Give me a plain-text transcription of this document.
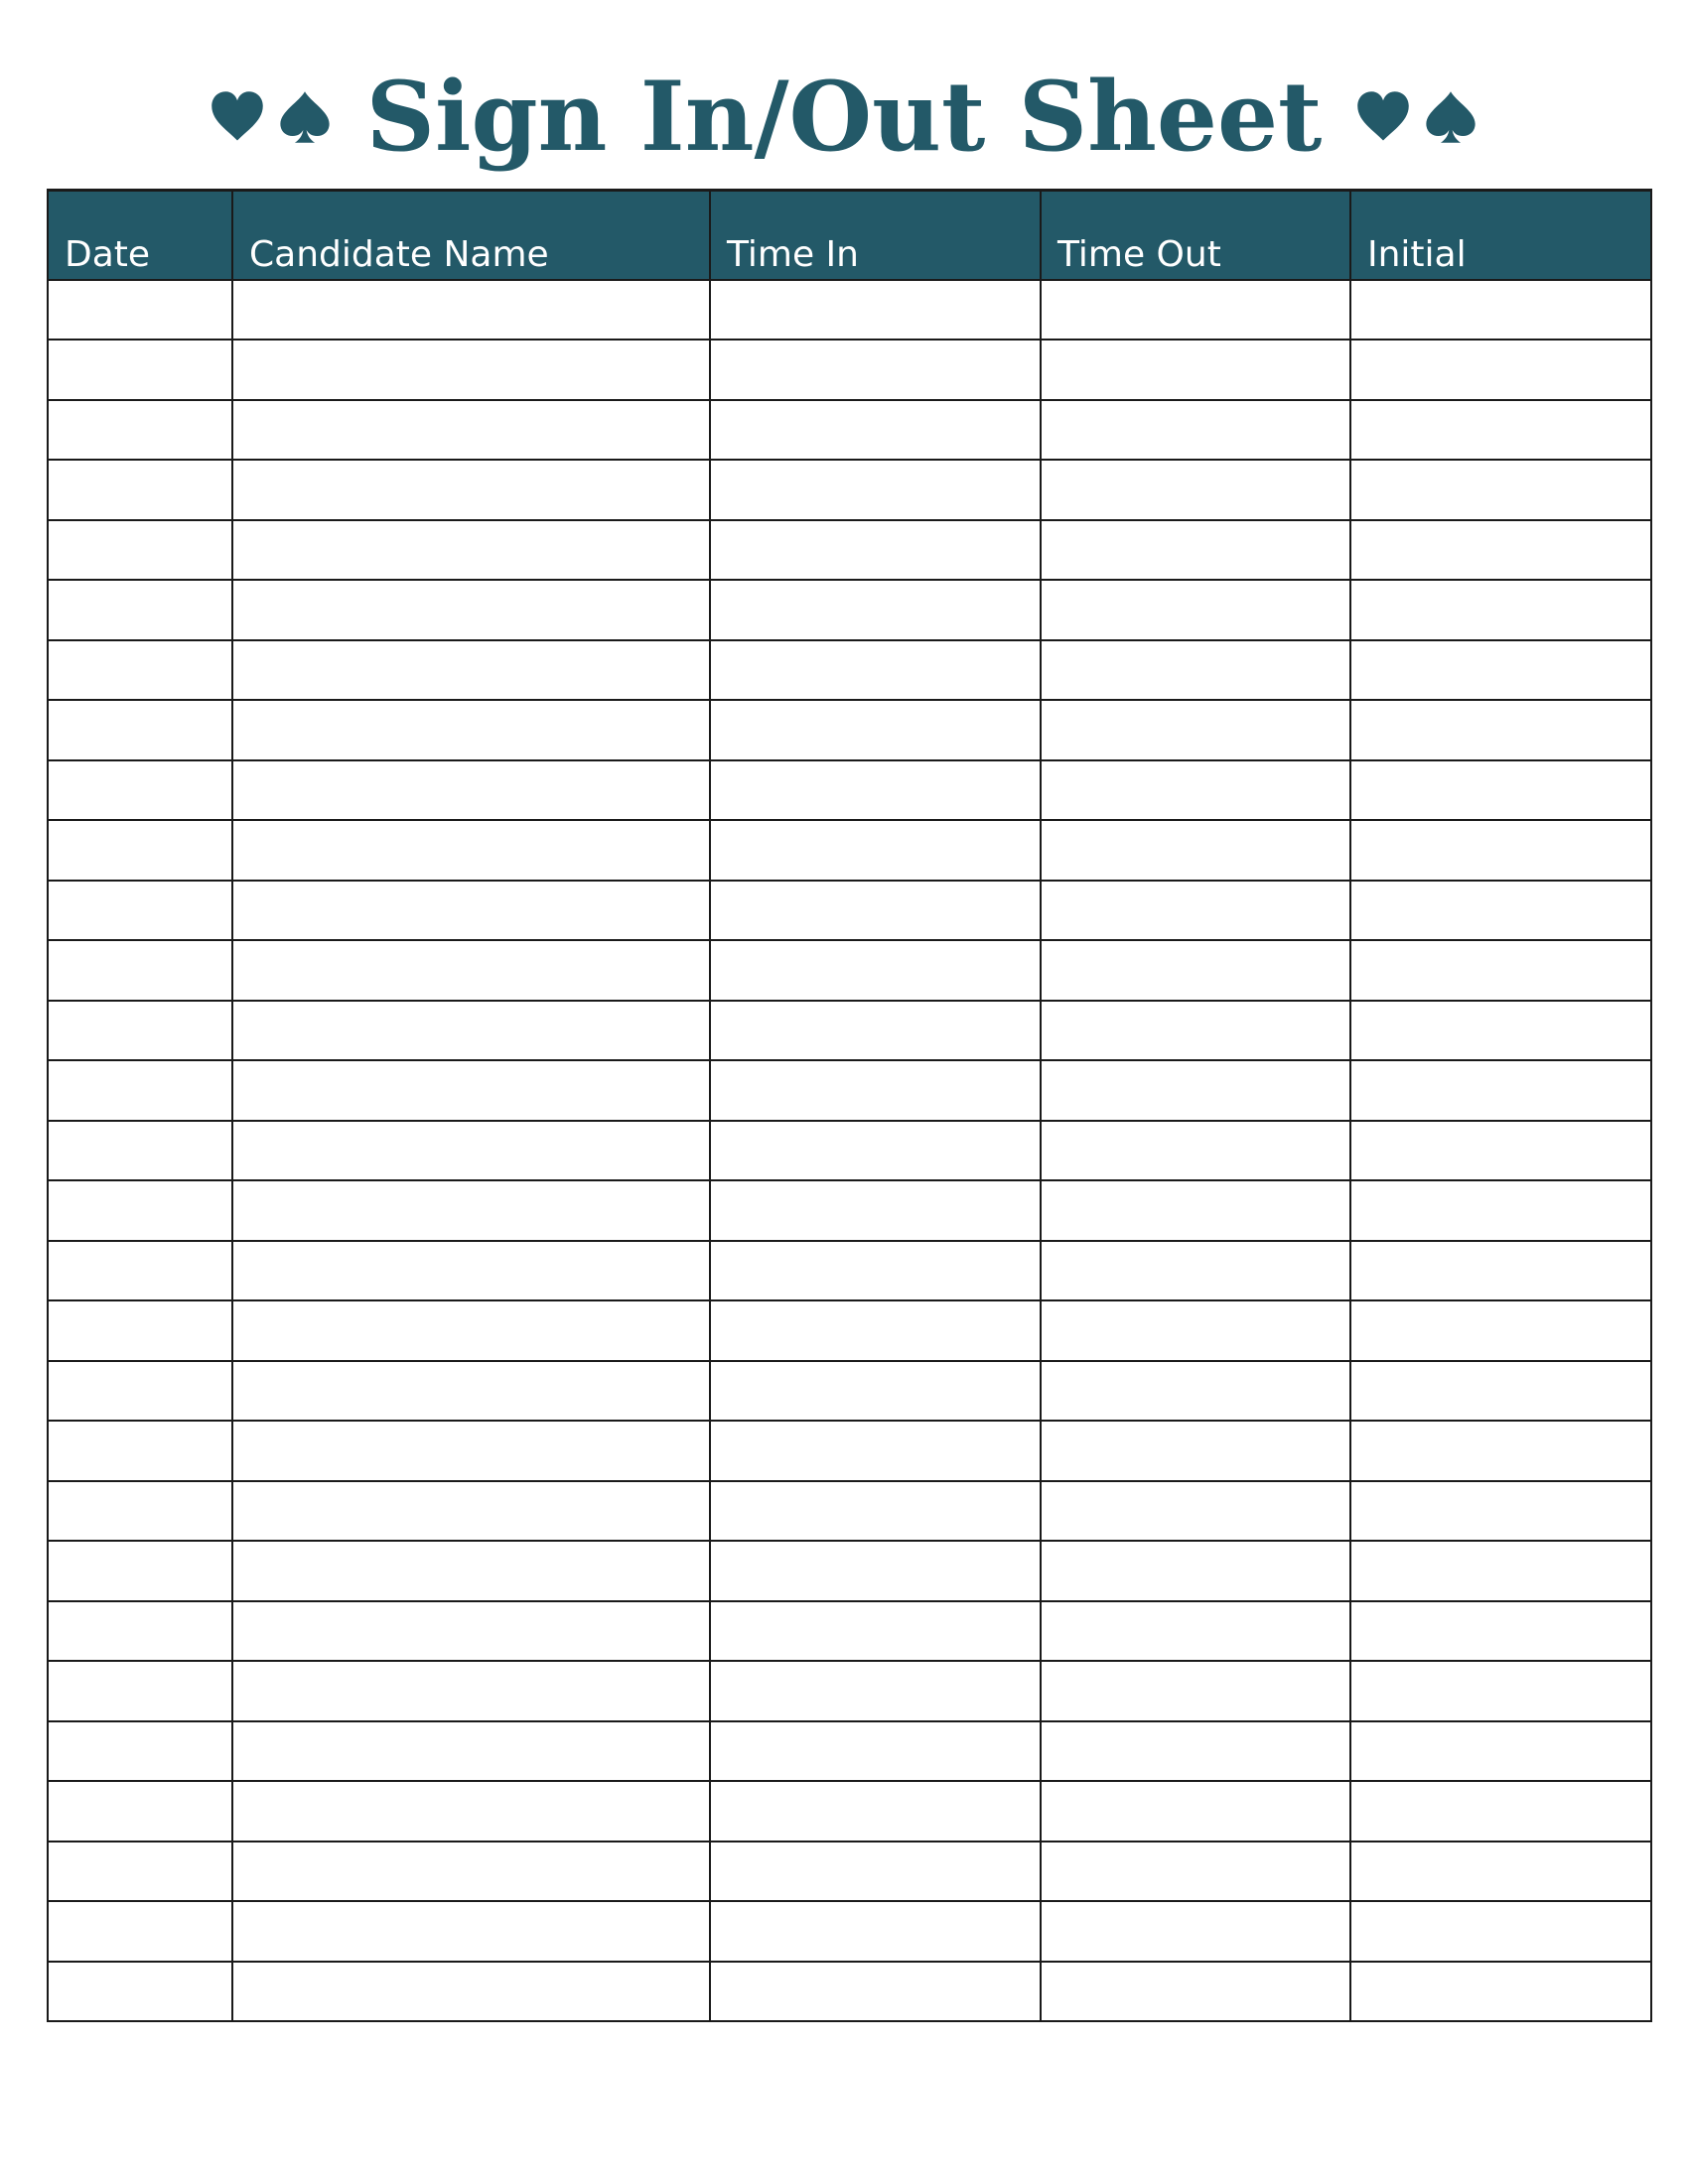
Sign In/Out Sheet
Date	Candidate Name	Time In	Time Out	Initial
